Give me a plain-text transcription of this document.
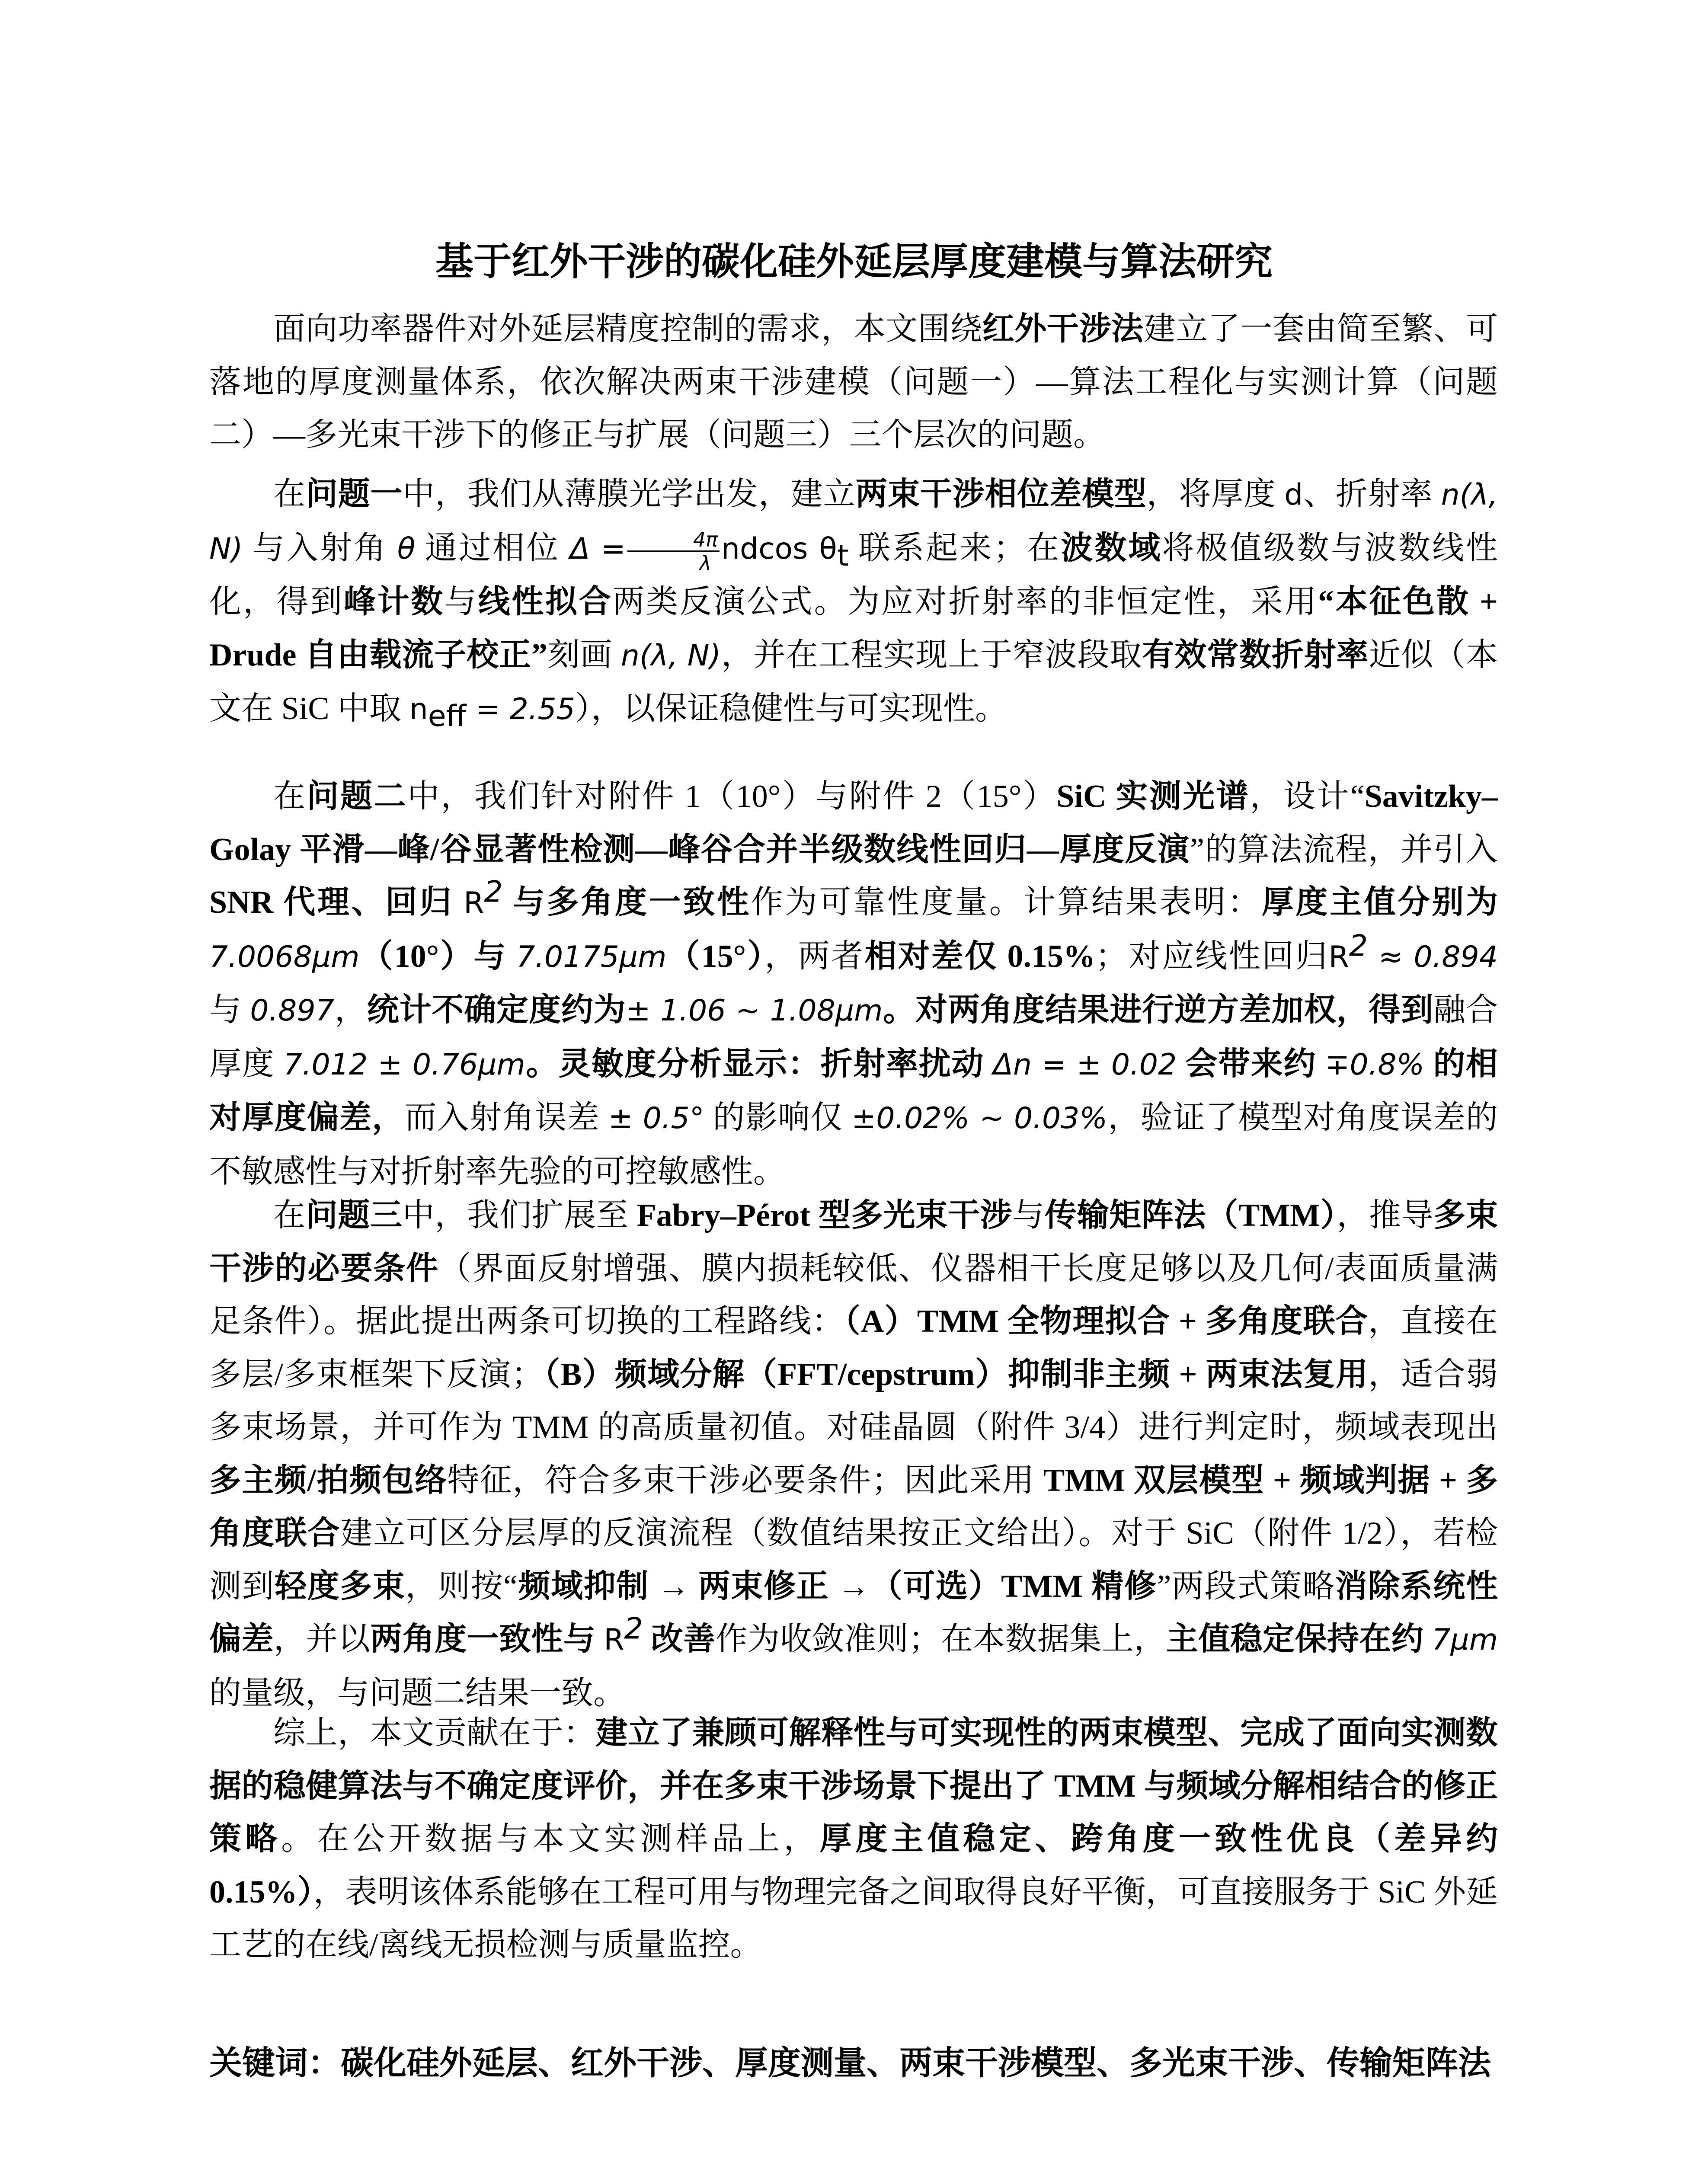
基于红外干涉的碳化硅外延层厚度建模与算法研究

面向功率器件对外延层精度控制的需求，本文围绕红外干涉法建立了一套由简至繁、可落地的厚度测量体系，依次解决两束干涉建模（问题一）—算法工程化与实测计算（问题二）—多光束干涉下的修正与扩展（问题三）三个层次的问题。

在问题一中，我们从薄膜光学出发，建立两束干涉相位差模型，将厚度 d、折射率 n(λ, N) 与入射角 θ 通过相位 $\Delta = \frac{4\pi}{\lambda}$ ndcos $\theta_t$ 联系起来；在波数域将极值级数与波数线性化，得到峰计数与线性拟合两类反演公式。为应对折射率的非恒定性，采用“本征色散 + Drude 自由载流子校正”刻画 n(λ, N)，并在工程实现上于窄波段取有效常数折射率近似（本文在 SiC 中取 $n_{eff} = 2.55$），以保证稳健性与可实现性。

在问题二中，我们针对附件 1（10°）与附件 2（15°）SiC 实测光谱，设计“Savitzky–Golay 平滑—峰/谷显著性检测—峰谷合并半级数线性回归—厚度反演”的算法流程，并引入 SNR 代理、回归 $R^2$ 与多角度一致性作为可靠性度量。计算结果表明：厚度主值分别为 7.0068μm（10°）与 7.0175μm（15°），两者相对差仅 0.15%；对应线性回归$R^2 \approx 0.894$ 与 0.897，统计不确定度约为± 1.06 ~ 1.08μm。对两角度结果进行逆方差加权，得到融合厚度 7.012 ± 0.76μm。灵敏度分析显示：折射率扰动 Δn = ± 0.02 会带来约 ∓0.8% 的相对厚度偏差，而入射角误差 ± 0.5° 的影响仅 ±0.02% ~ 0.03%，验证了模型对角度误差的不敏感性与对折射率先验的可控敏感性。

在问题三中，我们扩展至 Fabry–Pérot 型多光束干涉与传输矩阵法（TMM），推导多束干涉的必要条件（界面反射增强、膜内损耗较低、仪器相干长度足够以及几何/表面质量满足条件）。据此提出两条可切换的工程路线：（A）TMM 全物理拟合 + 多角度联合，直接在多层/多束框架下反演；（B）频域分解（FFT/cepstrum）抑制非主频 + 两束法复用，适合弱多束场景，并可作为 TMM 的高质量初值。对硅晶圆（附件 3/4）进行判定时，频域表现出多主频/拍频包络特征，符合多束干涉必要条件；因此采用 TMM 双层模型 + 频域判据 + 多角度联合建立可区分层厚的反演流程（数值结果按正文给出）。对于 SiC（附件 1/2），若检测到轻度多束，则按“频域抑制 → 两束修正 →（可选）TMM 精修”两段式策略消除系统性偏差，并以两角度一致性与 $R^2$ 改善作为收敛准则；在本数据集上，主值稳定保持在约 7μm 的量级，与问题二结果一致。

综上，本文贡献在于：建立了兼顾可解释性与可实现性的两束模型、完成了面向实测数据的稳健算法与不确定度评价，并在多束干涉场景下提出了 TMM 与频域分解相结合的修正策略。在公开数据与本文实测样品上，厚度主值稳定、跨角度一致性优良（差异约 0.15%），表明该体系能够在工程可用与物理完备之间取得良好平衡，可直接服务于 SiC 外延工艺的在线/离线无损检测与质量监控。

关键词：碳化硅外延层、红外干涉、厚度测量、两束干涉模型、多光束干涉、传输矩阵法
